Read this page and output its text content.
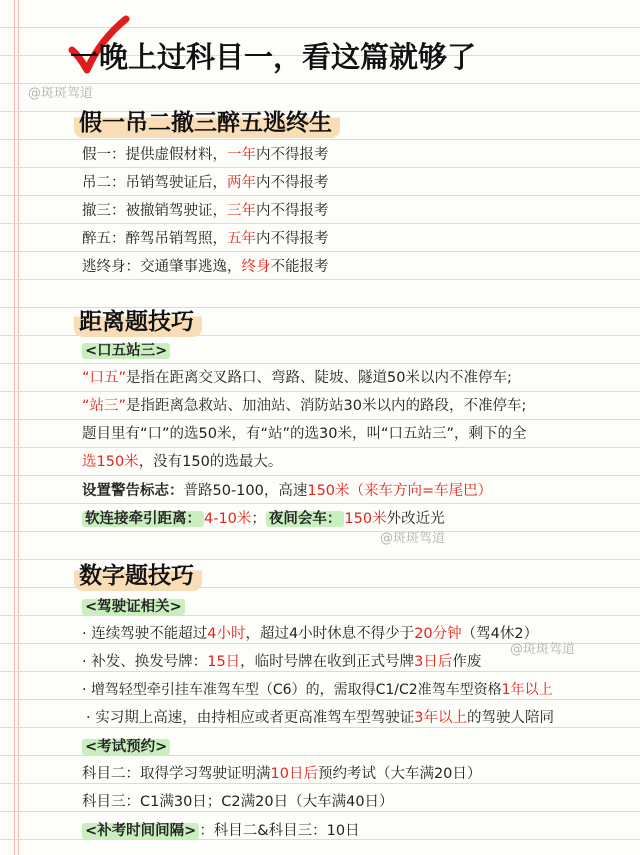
一晚上过科目一，看这篇就够了
@斑斑驾道
@斑斑驾道
@斑斑驾道
假一吊二撤三醉五逃终生
假一：提供虚假材料，一年内不得报考
吊二：吊销驾驶证后，两年内不得报考
撤三：被撤销驾驶证，三年内不得报考
醉五：醉驾吊销驾照，五年内不得报考
逃终身：交通肇事逃逸，终身不能报考
距离题技巧
<口五站三>
“口五”是指在距离交叉路口、弯路、陡坡、隧道50米以内不准停车;
“站三”是指距离急救站、加油站、消防站30米以内的路段，不准停车;
题目里有“口”的选50米，有“站”的选30米，叫“口五站三”，剩下的全
选150米，没有150的选最大。
设置警告标志：普路50-100，高速150米（来车方向=车尾巴）
软连接牵引距离： 4-10米； 夜间会车： 150米外改近光
数字题技巧
<驾驶证相关>
· 连续驾驶不能超过4小时，超过4小时休息不得少于20分钟（驾4休2）
· 补发、换发号牌：15日，临时号牌在收到正式号牌3日后作废
· 增驾轻型牵引挂车准驾车型（C6）的，需取得C1/C2准驾车型资格1年以上
· 实习期上高速，由持相应或者更高准驾车型驾驶证3年以上的驾驶人陪同
<考试预约>
科目二：取得学习驾驶证明满10日后预约考试（大车满20日）
科目三：C1满30日；C2满20日（大车满40日）
<补考时间间隔> ：科目二&科目三：10日
